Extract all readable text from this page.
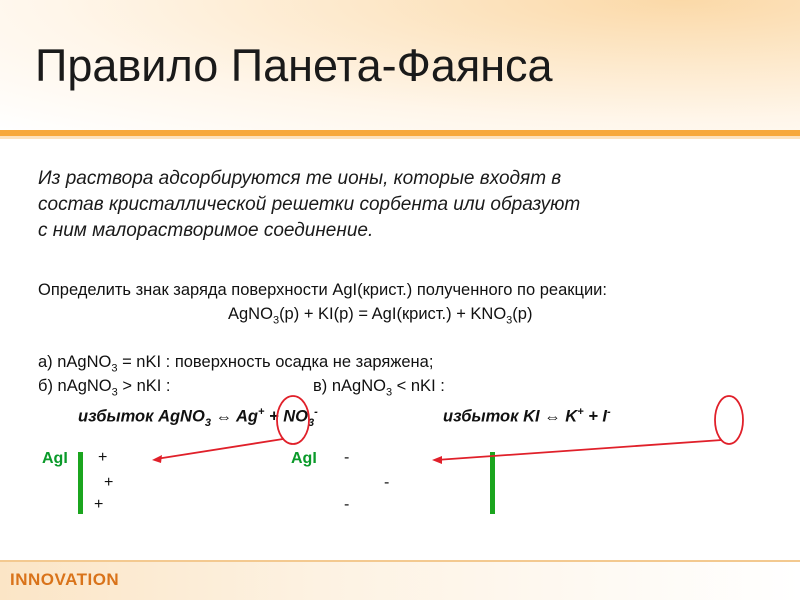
Правило Панета-Фаянса
Из раствора адсорбируются те ионы, которые входят в
состав кристаллической решетки сорбента или образуют
с ним малорастворимое соединение.
Определить знак заряда поверхности AgI(крист.) полученного по реакции:
AgNO$_3$(р) + KI(р) = AgI(крист.) + $KNO_3(р)$
а) nAgNO$_3$ = nKI : поверхность осадка не заряжена;
б) nAgNO$_3$ > nKI :	в) nAgNO$_3$ < nKI :
избыток AgNO$_3$ ⇔ $Ag^+ + NO_3^-$	избыток KI ⇔ K+ + I-
AgI +
+
+
AgI -
-
-
INNOVATION
